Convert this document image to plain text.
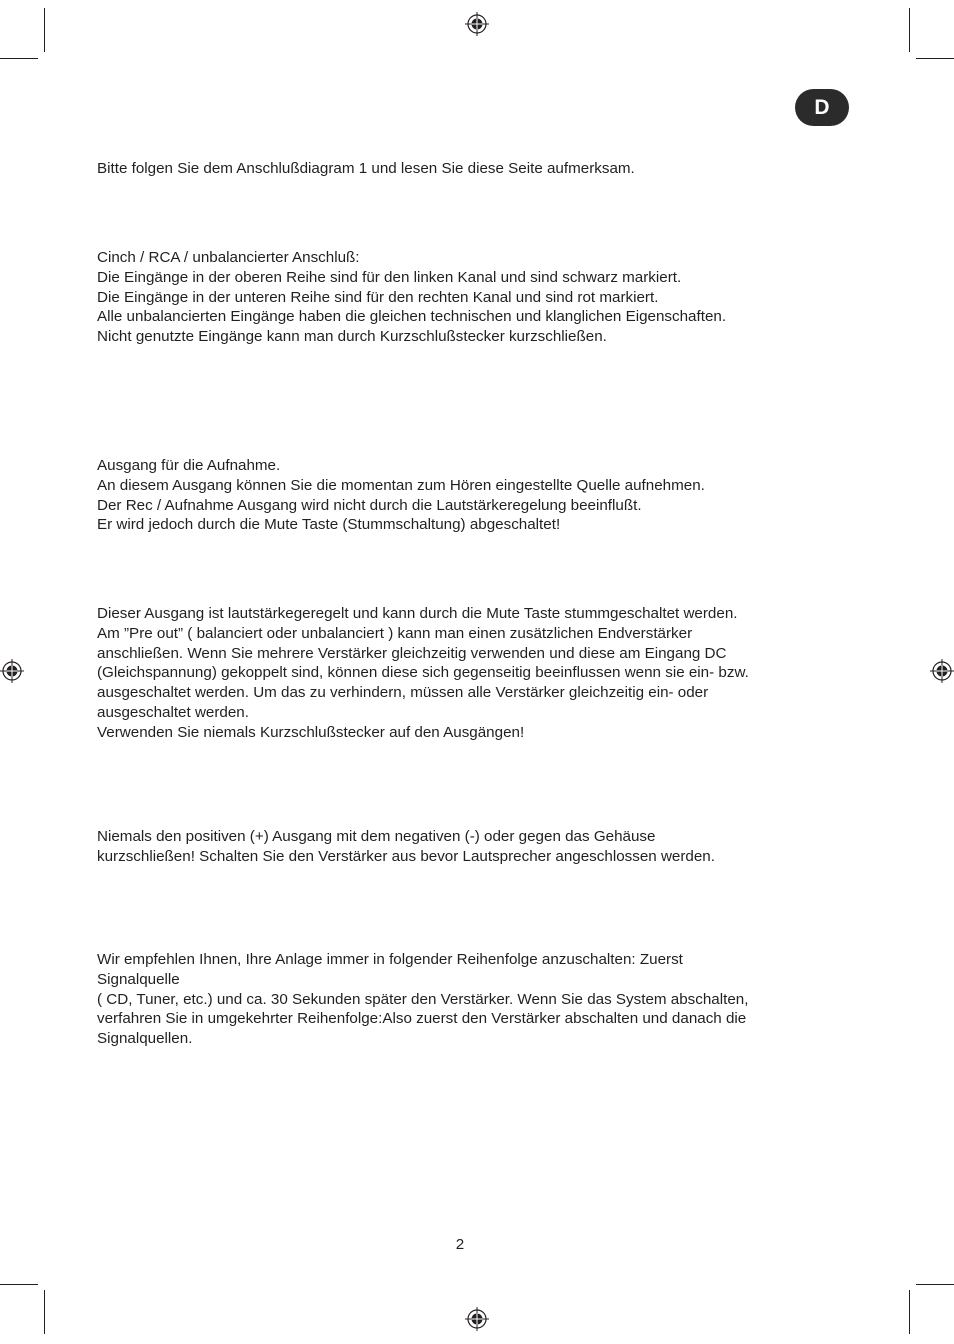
D

Bitte folgen Sie dem Anschlußdiagram 1 und lesen Sie diese Seite aufmerksam.

Cinch / RCA / unbalancierter Anschluß:
Die Eingänge in der oberen Reihe sind für den linken Kanal und sind schwarz markiert.
Die Eingänge in der unteren Reihe sind für den rechten Kanal und sind rot markiert.
Alle unbalancierten Eingänge haben die gleichen technischen und klanglichen Eigenschaften.
Nicht genutzte Eingänge kann man durch Kurzschlußstecker kurzschließen.

Ausgang für die Aufnahme.
An diesem Ausgang können Sie die momentan zum Hören eingestellte Quelle aufnehmen.
Der Rec / Aufnahme Ausgang wird nicht durch die Lautstärkeregelung beeinflußt.
Er wird jedoch durch die Mute Taste (Stummschaltung) abgeschaltet!

Dieser Ausgang ist lautstärkegeregelt und kann durch die Mute Taste stummgeschaltet werden.
Am ”Pre out” ( balanciert oder unbalanciert ) kann man einen zusätzlichen Endverstärker
anschließen. Wenn Sie mehrere Verstärker gleichzeitig verwenden und diese am Eingang DC
(Gleichspannung) gekoppelt sind, können diese sich gegenseitig beeinflussen wenn sie ein- bzw.
ausgeschaltet werden. Um das zu verhindern, müssen alle Verstärker gleichzeitig ein- oder
ausgeschaltet werden.
Verwenden Sie niemals Kurzschlußstecker auf den Ausgängen!

Niemals den positiven (+) Ausgang mit dem negativen (-) oder gegen das Gehäuse
kurzschließen! Schalten Sie den Verstärker aus bevor Lautsprecher angeschlossen werden.

Wir empfehlen Ihnen, Ihre Anlage immer in folgender Reihenfolge anzuschalten: Zuerst
Signalquelle
( CD, Tuner, etc.) und ca. 30 Sekunden später den Verstärker. Wenn Sie das System abschalten,
verfahren Sie in umgekehrter Reihenfolge:Also zuerst den Verstärker abschalten und danach die
Signalquellen.

2
